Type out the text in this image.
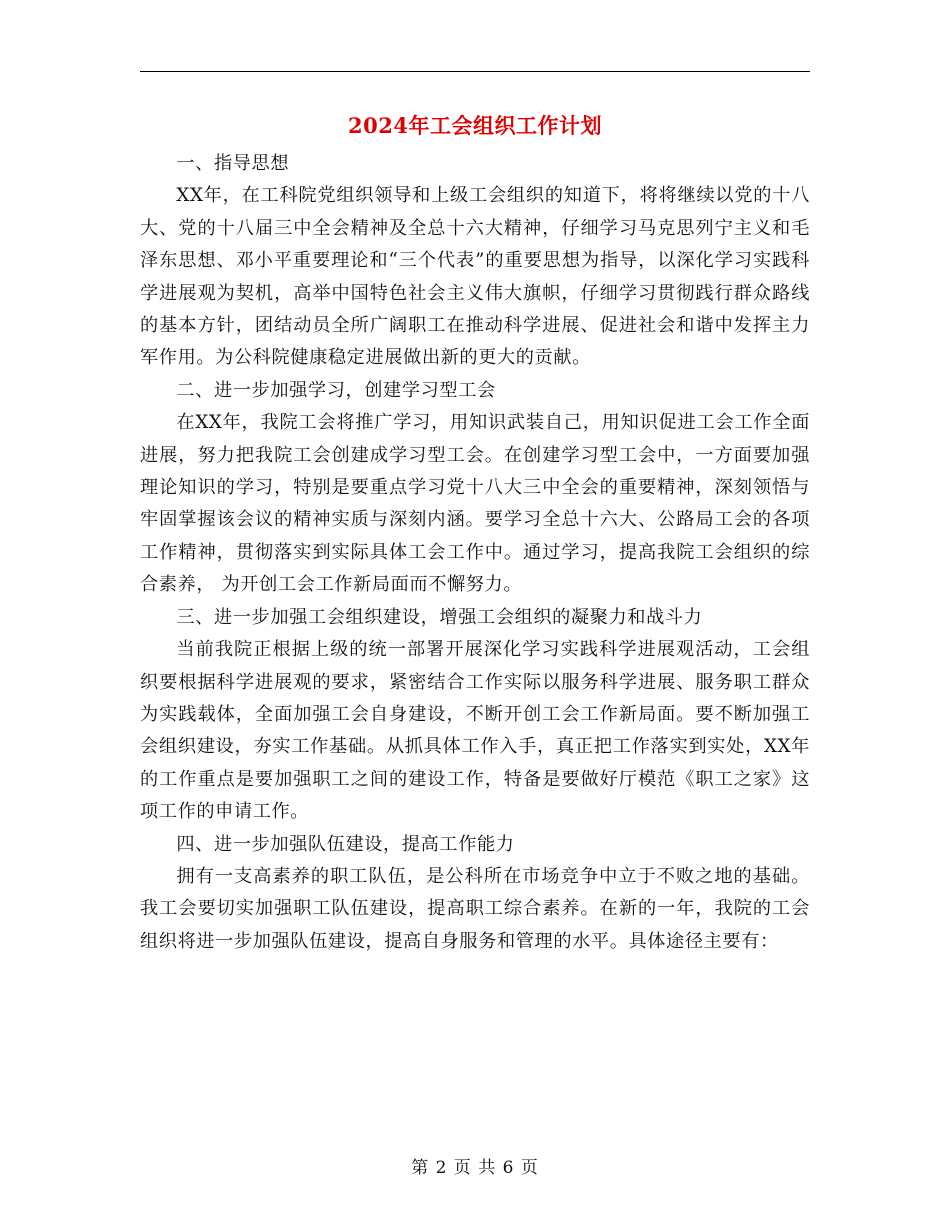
2024年工会组织工作计划

一、指导思想

XX年，在工科院党组织领导和上级工会组织的知道下，将将继续以党的十八大、党的十八届三中全会精神及全总十六大精神，仔细学习马克思列宁主义和毛泽东思想、邓小平重要理论和“三个代表”的重要思想为指导，以深化学习实践科学进展观为契机，高举中国特色社会主义伟大旗帜，仔细学习贯彻践行群众路线的基本方针，团结动员全所广阔职工在推动科学进展、促进社会和谐中发挥主力军作用。为公科院健康稳定进展做出新的更大的贡献。

二、进一步加强学习，创建学习型工会

在XX年，我院工会将推广学习，用知识武装自己，用知识促进工会工作全面进展，努力把我院工会创建成学习型工会。在创建学习型工会中，一方面要加强理论知识的学习，特别是要重点学习党十八大三中全会的重要精神，深刻领悟与牢固掌握该会议的精神实质与深刻内涵。要学习全总十六大、公路局工会的各项工作精神，贯彻落实到实际具体工会工作中。通过学习，提高我院工会组织的综合素养， 为开创工会工作新局面而不懈努力。

三、进一步加强工会组织建设，增强工会组织的凝聚力和战斗力

当前我院正根据上级的统一部署开展深化学习实践科学进展观活动，工会组织要根据科学进展观的要求，紧密结合工作实际以服务科学进展、服务职工群众为实践载体，全面加强工会自身建设，不断开创工会工作新局面。要不断加强工会组织建设，夯实工作基础。从抓具体工作入手，真正把工作落实到实处，XX年的工作重点是要加强职工之间的建设工作，特备是要做好厅模范《职工之家》这项工作的申请工作。

四、进一步加强队伍建设，提高工作能力

拥有一支高素养的职工队伍，是公科所在市场竞争中立于不败之地的基础。我工会要切实加强职工队伍建设，提高职工综合素养。在新的一年，我院的工会组织将进一步加强队伍建设，提高自身服务和管理的水平。具体途径主要有：

第 2 页 共 6 页
